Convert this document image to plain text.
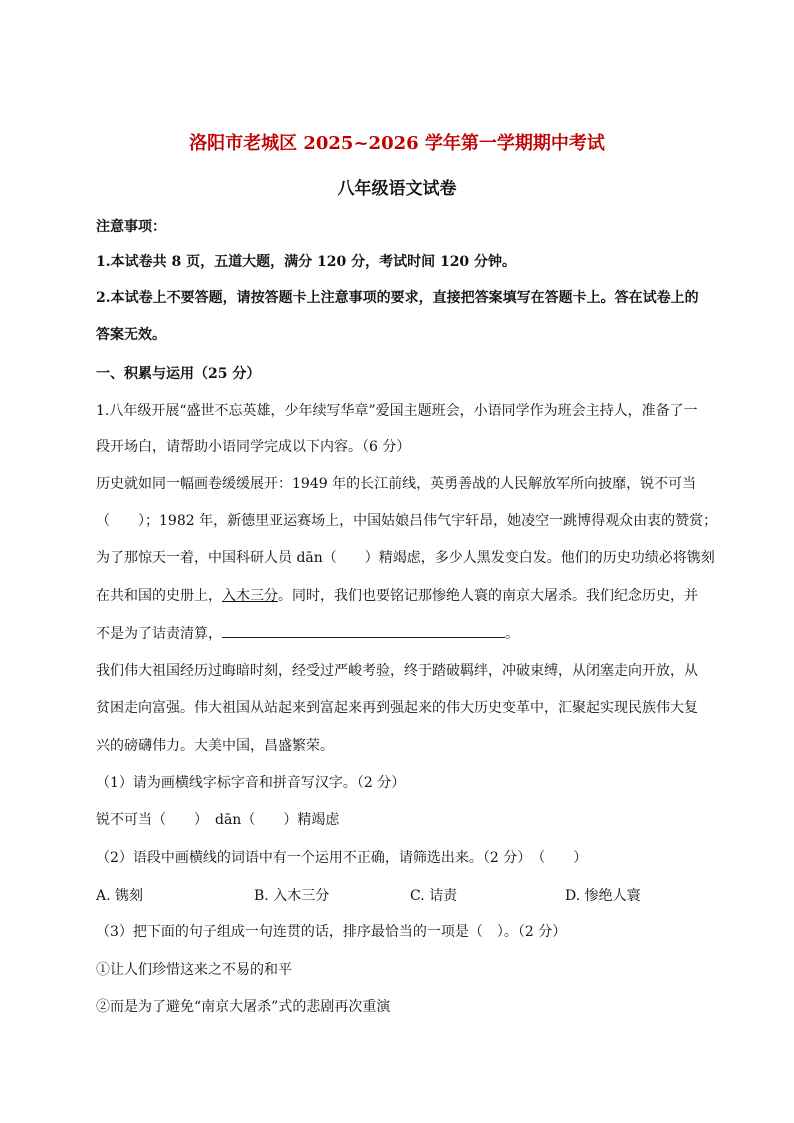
洛阳市老城区 2025~2026 学年第一学期期中考试
八年级语文试卷
注意事项：
1.本试卷共 8 页，五道大题，满分 120 分，考试时间 120 分钟。
2.本试卷上不要答题，请按答题卡上注意事项的要求，直接把答案填写在答题卡上。答在试卷上的
答案无效。
一、积累与运用（25 分）
1.八年级开展“盛世不忘英雄，少年续写华章”爱国主题班会，小语同学作为班会主持人，准备了一
段开场白，请帮助小语同学完成以下内容。（6 分）
历史就如同一幅画卷缓缓展开：1949 年的长江前线，英勇善战的人民解放军所向披靡，锐不可当
（　　）；1982 年，新德里亚运赛场上，中国姑娘吕伟气宇轩昂，她凌空一跳博得观众由衷的赞赏；
为了那惊天一着，中国科研人员 dān（　　）精竭虑，多少人黑发变白发。他们的历史功绩必将镌刻
在共和国的史册上，入木三分。同时，我们也要铭记那惨绝人寰的南京大屠杀。我们纪念历史，并
不是为了诘责清算，	。
我们伟大祖国经历过晦暗时刻，经受过严峻考验，终于踏破羁绊，冲破束缚，从闭塞走向开放，从
贫困走向富强。伟大祖国从站起来到富起来再到强起来的伟大历史变革中，汇聚起实现民族伟大复
兴的磅礴伟力。大美中国，昌盛繁荣。
（1）请为画横线字标字音和拼音写汉字。（2 分）
锐不可当（　　）　dān（　　）精竭虑
（2）语段中画横线的词语中有一个运用不正确，请筛选出来。（2 分）　（　　）
A. 镌刻	B. 入木三分	C. 诘责	D. 惨绝人寰
（3）把下面的句子组成一句连贯的话，排序最恰当的一项是（　）。（2 分）
①让人们珍惜这来之不易的和平
②而是为了避免“南京大屠杀”式的悲剧再次重演
